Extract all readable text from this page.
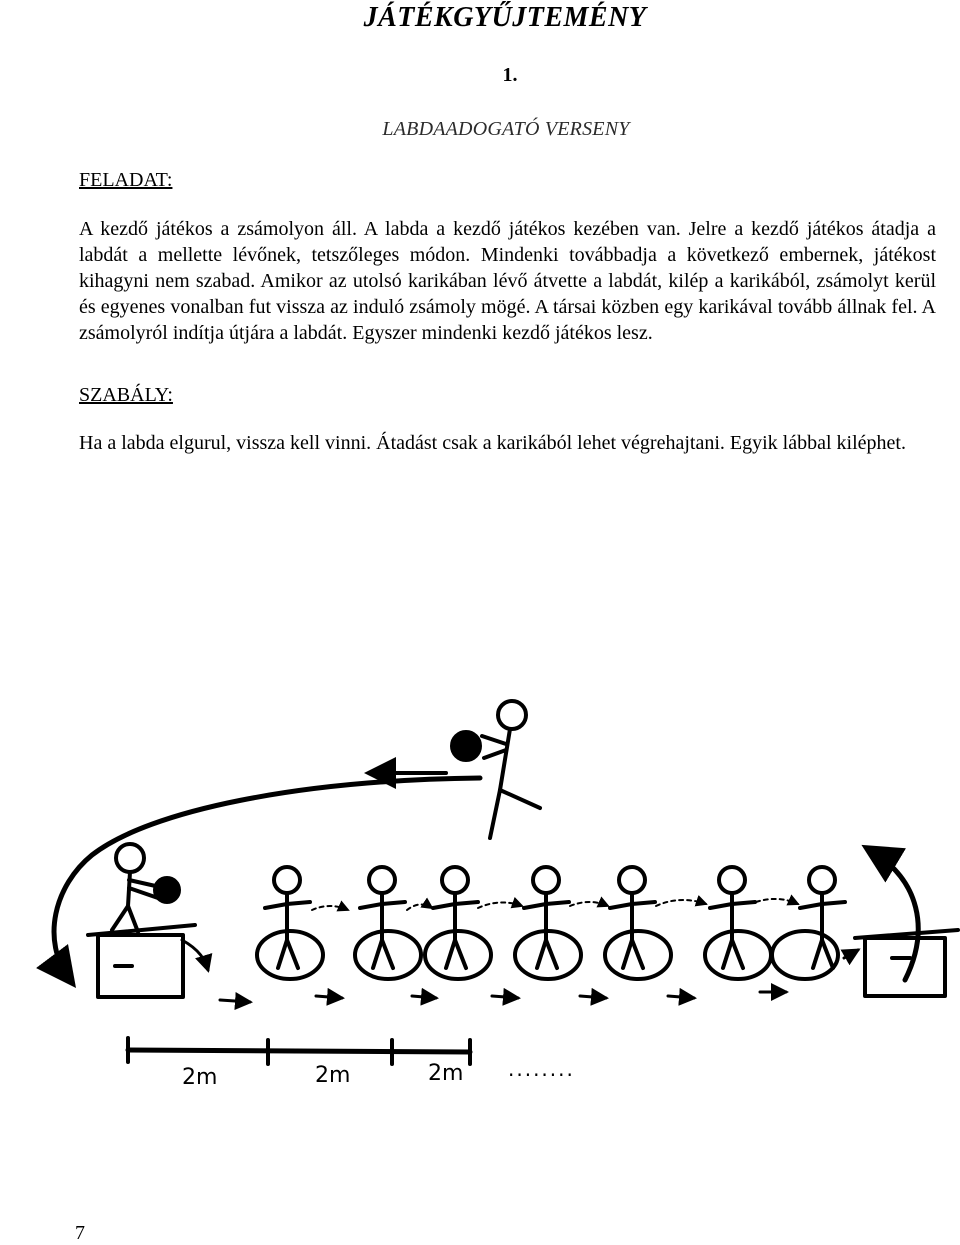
JÁTÉKGYŰJTEMÉNY
1.
LABDAADOGATÓ VERSENY
FELADAT:
A kezdő játékos a zsámolyon áll. A labda a kezdő játékos kezében van. Jelre a kezdő játékos átadja a labdát a mellette lévőnek, tetszőleges módon. Mindenki továbbadja a következő embernek, játékost kihagyni nem szabad. Amikor az utolsó karikában lévő átvette a labdát, kilép a karikából, zsámolyt kerül és egyenes vonalban fut vissza az induló zsámoly mögé. A társai közben egy karikával tovább állnak fel. A zsámolyról indítja útjára a labdát. Egyszer mindenki kezdő játékos lesz.
SZABÁLY:
Ha a labda elgurul, vissza kell vinni. Átadást csak a karikából lehet végrehajtani. Egyik lábbal kiléphet.
2m	2m	2m ........
7
